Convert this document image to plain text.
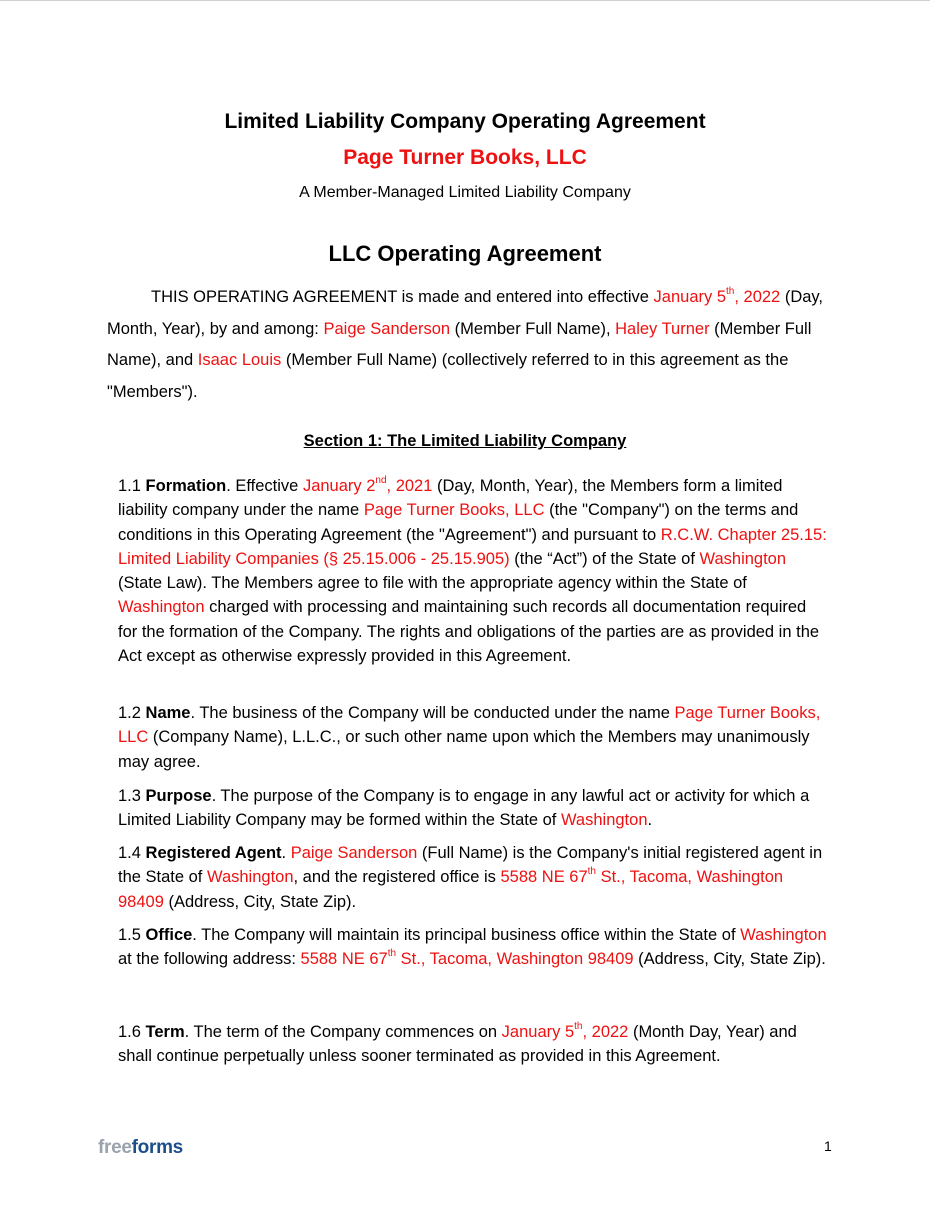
Limited Liability Company Operating Agreement
Page Turner Books, LLC
A Member-Managed Limited Liability Company
LLC Operating Agreement
THIS OPERATING AGREEMENT is made and entered into effective January 5th, 2022 (Day, Month, Year), by and among: Paige Sanderson (Member Full Name), Haley Turner (Member Full Name), and Isaac Louis (Member Full Name) (collectively referred to in this agreement as the "Members").
Section 1: The Limited Liability Company
1.1 Formation. Effective January 2nd, 2021 (Day, Month, Year), the Members form a limited liability company under the name Page Turner Books, LLC (the "Company") on the terms and conditions in this Operating Agreement (the "Agreement") and pursuant to R.C.W. Chapter 25.15: Limited Liability Companies (§ 25.15.006 - 25.15.905) (the “Act”) of the State of Washington (State Law). The Members agree to file with the appropriate agency within the State of Washington charged with processing and maintaining such records all documentation required for the formation of the Company. The rights and obligations of the parties are as provided in the Act except as otherwise expressly provided in this Agreement.
1.2 Name. The business of the Company will be conducted under the name Page Turner Books, LLC (Company Name), L.L.C., or such other name upon which the Members may unanimously may agree.
1.3 Purpose. The purpose of the Company is to engage in any lawful act or activity for which a Limited Liability Company may be formed within the State of Washington.
1.4 Registered Agent. Paige Sanderson (Full Name) is the Company's initial registered agent in the State of Washington, and the registered office is 5588 NE 67th St., Tacoma, Washington 98409 (Address, City, State Zip).
1.5 Office. The Company will maintain its principal business office within the State of Washington at the following address: 5588 NE 67th St., Tacoma, Washington 98409 (Address, City, State Zip).
1.6 Term. The term of the Company commences on January 5th, 2022 (Month Day, Year) and shall continue perpetually unless sooner terminated as provided in this Agreement.
freeforms	1
